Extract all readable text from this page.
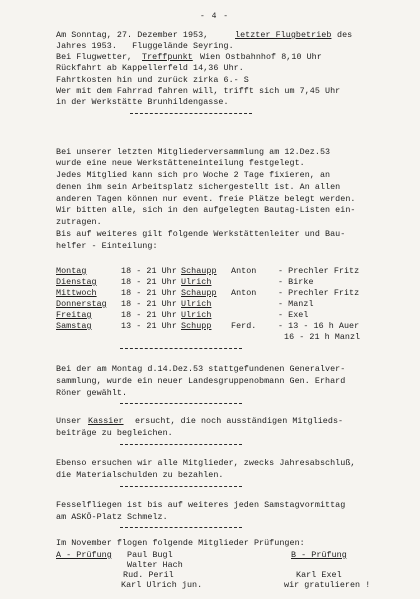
- 4 -
Am Sonntag, 27. Dezember 1953,	letzter Flugbetrieb des
Jahres 1953.   Fluggelände Seyring.
Bei Flugwetter, Treffpunkt Wien Ostbahnhof 8,10 Uhr
Rückfahrt ab Kappellerfeld 14,36 Uhr.
Fahrtkosten hin und zurück zirka 6.- S
Wer mit dem Fahrrad fahren will, trifft sich um 7,45 Uhr
in der Werkstätte Brunhildengasse.
Bei unserer letzten Mitgliederversammlung am 12.Dez.53
wurde eine neue Werkstätteneinteilung festgelegt.
Jedes Mitglied kann sich pro Woche 2 Tage fixieren, an
denen ihm sein Arbeitsplatz sichergestellt ist. An allen
anderen Tagen können nur event. freie Plätze belegt werden.
Wir bitten alle, sich in den aufgelegten Bautag-Listen ein-
zutragen.
Bis auf weiteres gilt folgende Werkstättenleiter und Bau-
helfer - Einteilung:
Montag	18 - 21 Uhr Schaupp Anton	- Prechler Fritz
Dienstag	18 - 21 Uhr Ulrich	- Birke
Mittwoch	18 - 21 Uhr Schaupp Anton	- Prechler Fritz
Donnerstag 18 - 21 Uhr Ulrich	- Manzl
Freitag	18 - 21 Uhr Ulrich	- Exel
Samstag	13 - 21 Uhr Schupp Ferd.	- 13 - 16 h Auer
16 - 21 h Manzl
Bei der am Montag d.14.Dez.53 stattgefundenen Generalver-
sammlung, wurde ein neuer Landesgruppenobmann Gen. Erhard
Röner gewählt.
Unser Kassier ersucht, die noch ausständigen Mitglieds-
beiträge zu begleichen.
Ebenso ersuchen wir alle Mitglieder, zwecks Jahresabschluß,
die Materialschulden zu bezahlen.
Fesselfliegen ist bis auf weiteres jeden Samstagvormittag
am ASKÖ-Platz Schmelz.
Im November flogen folgende Mitglieder Prüfungen:
A - Prüfung Paul Bugl
Walter Hach
Rud. Peril
Karl Ulrich jun.
B - Prüfung
Karl Exel
wir gratulieren !
